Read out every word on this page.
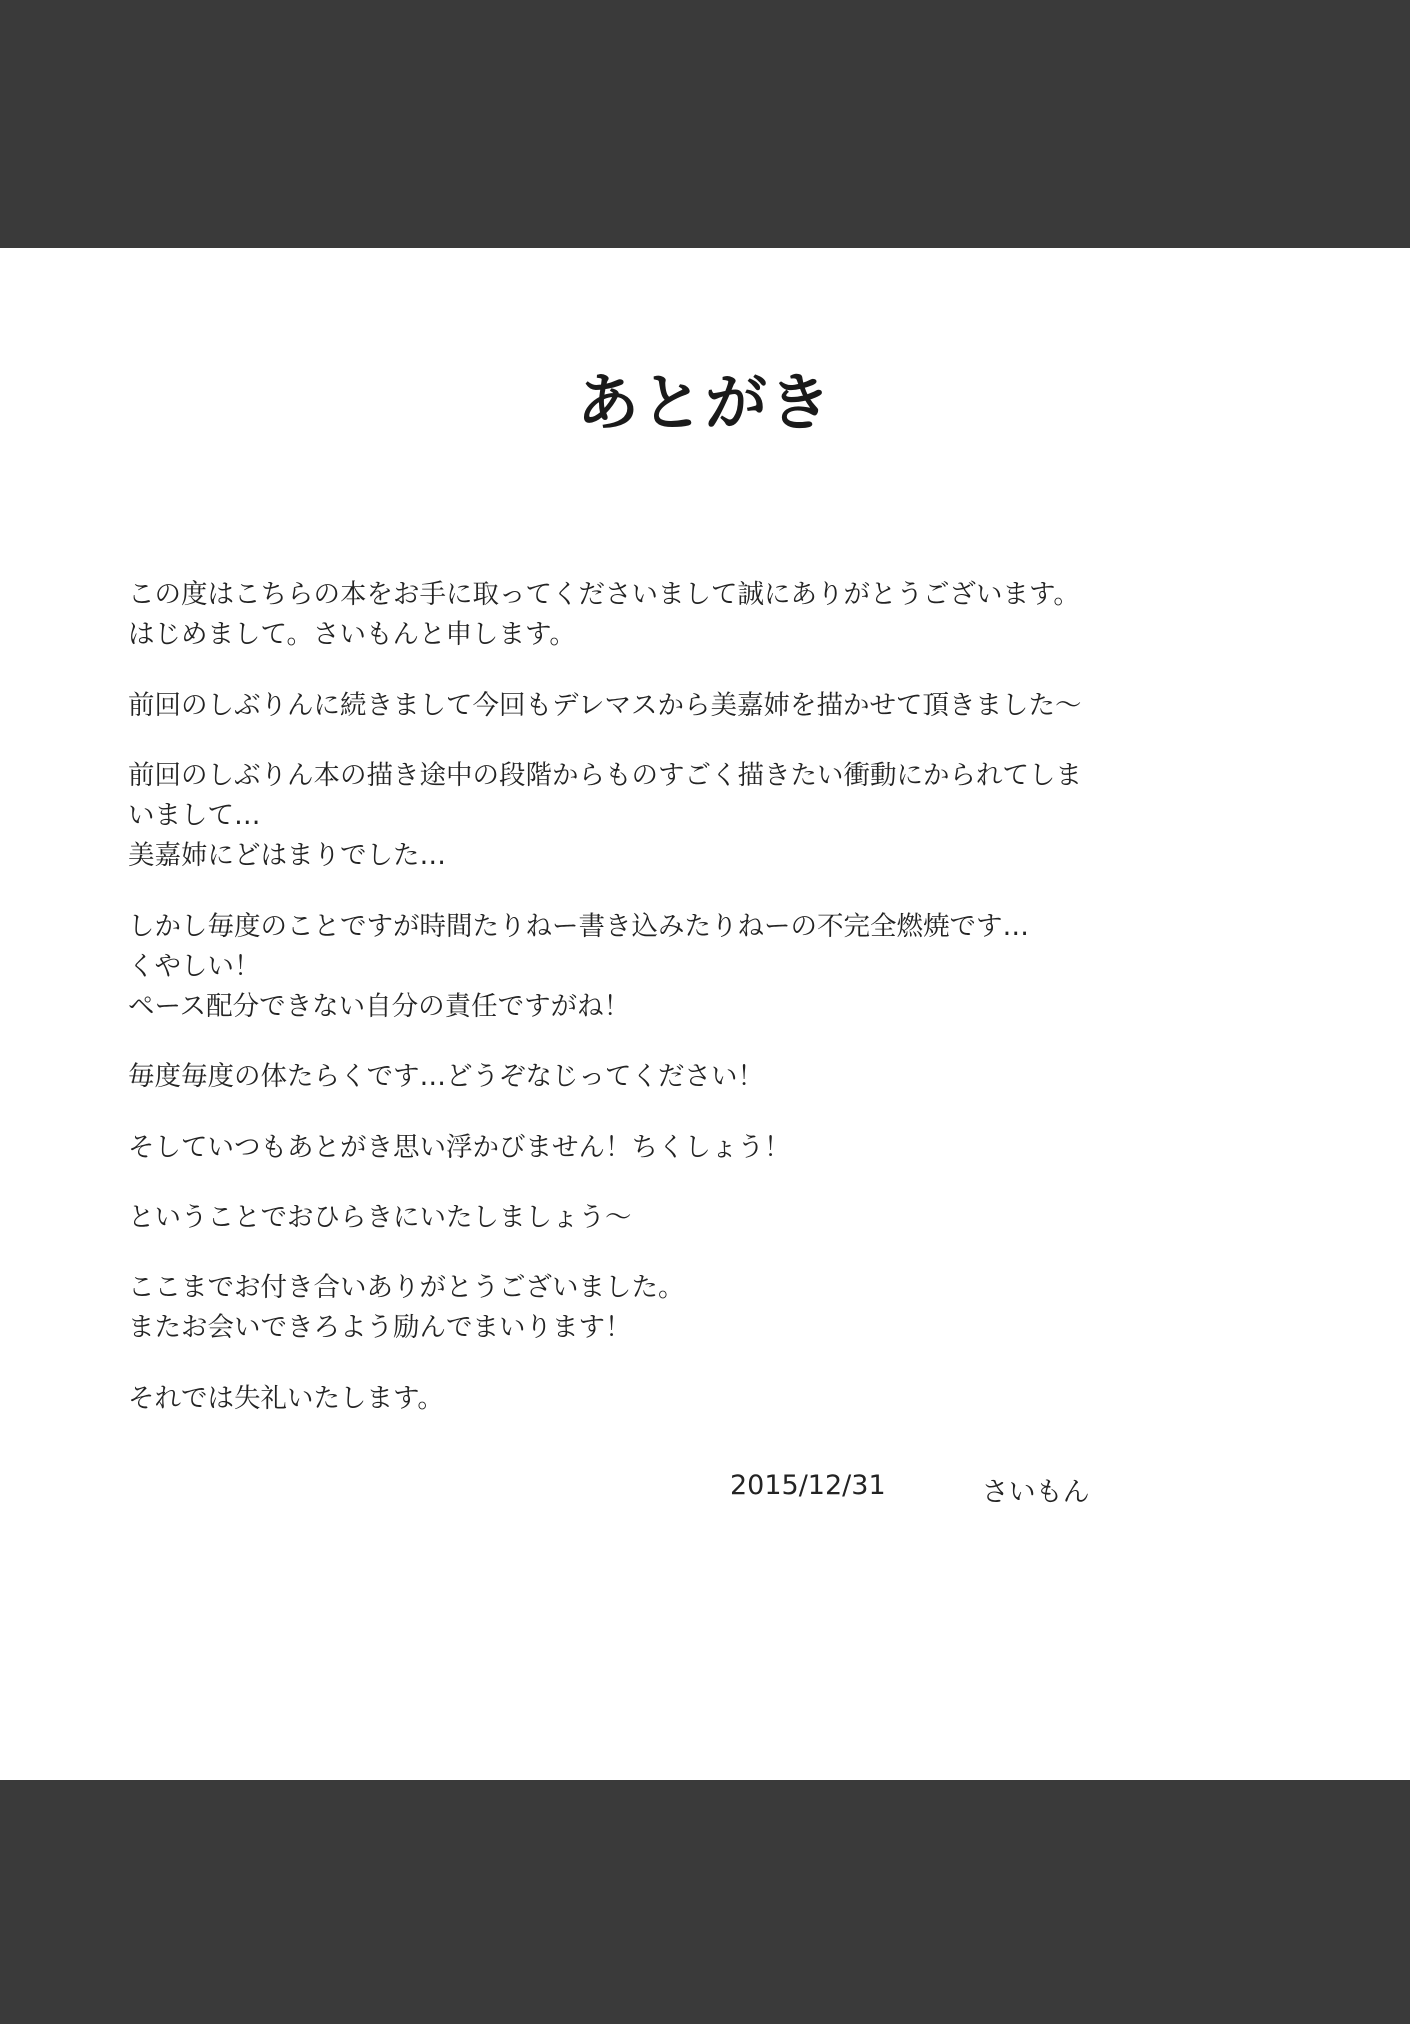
あとがき

この度はこちらの本をお手に取ってくださいまして誠にありがとうございます。
はじめまして。さいもんと申します。

前回のしぶりんに続きまして今回もデレマスから美嘉姉を描かせて頂きました〜

前回のしぶりん本の描き途中の段階からものすごく描きたい衝動にかられてしま
いまして…
美嘉姉にどはまりでした…

しかし毎度のことですが時間たりねー書き込みたりねーの不完全燃焼です…
くやしい！
ペース配分できない自分の責任ですがね！

毎度毎度の体たらくです…どうぞなじってください！

そしていつもあとがき思い浮かびません！ちくしょう！

ということでおひらきにいたしましょう〜

ここまでお付き合いありがとうございました。
またお会いできろよう励んでまいります！

それでは失礼いたします。

2015/12/31	さいもん
